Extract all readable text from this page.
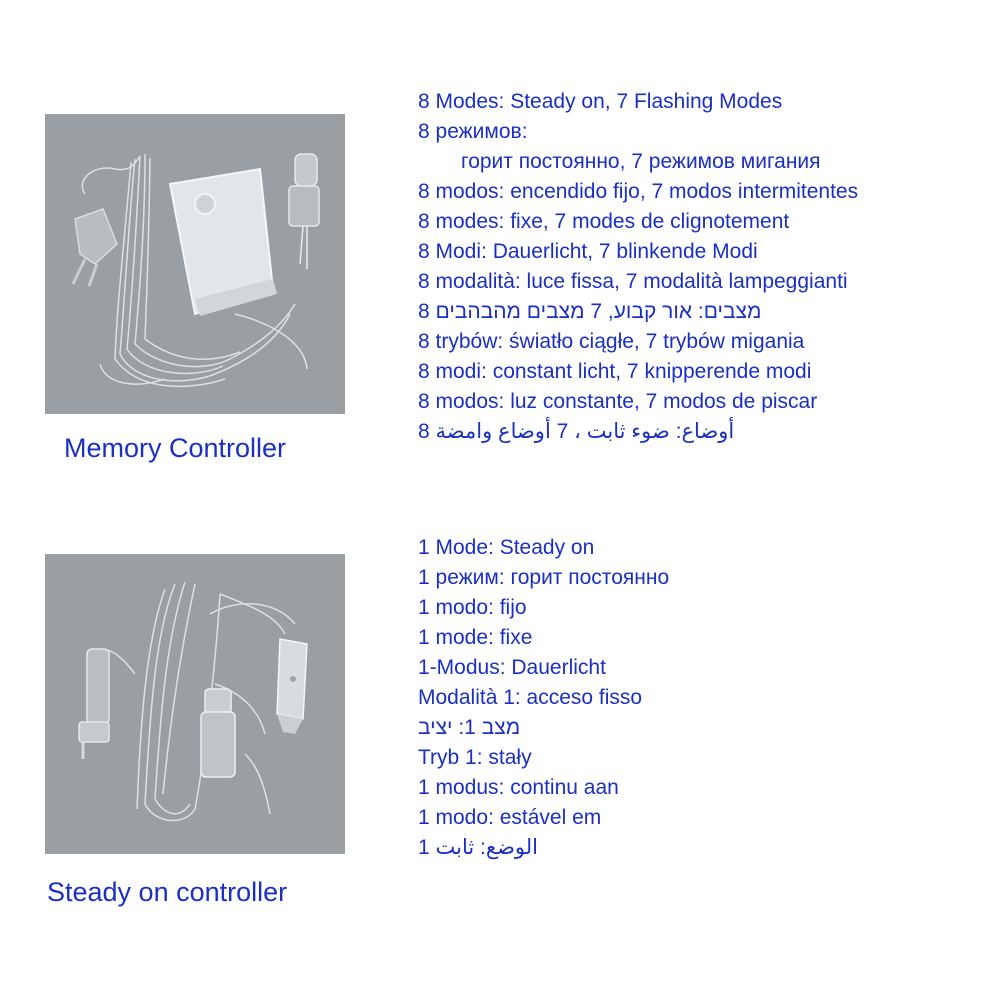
Memory Controller
8 Modes: Steady on, 7 Flashing Modes
8 режимов:
горит постоянно, 7 режимов мигания
8 modos: encendido fijo, 7 modos intermitentes
8 modes: fixe, 7 modes de clignotement
8 Modi: Dauerlicht, 7 blinkende Modi
8 modalità: luce fissa, 7 modalità lampeggianti
8 מצבים: אור קבוע, 7 מצבים מהבהבים
8 trybów: światło ciągłe, 7 trybów migania
8 modi: constant licht, 7 knipperende modi
8 modos: luz constante, 7 modos de piscar
8 أوضاع: ضوء ثابت ، 7 أوضاع وامضة
Steady on controller
1 Mode: Steady on
1 режим: горит постоянно
1 modo: fijo
1 mode: fixe
1-Modus: Dauerlicht
Modalità 1: acceso fisso
מצב 1: יציב
Tryb 1: stały
1 modus: continu aan
1 modo: estável em
1 الوضع: ثابت
